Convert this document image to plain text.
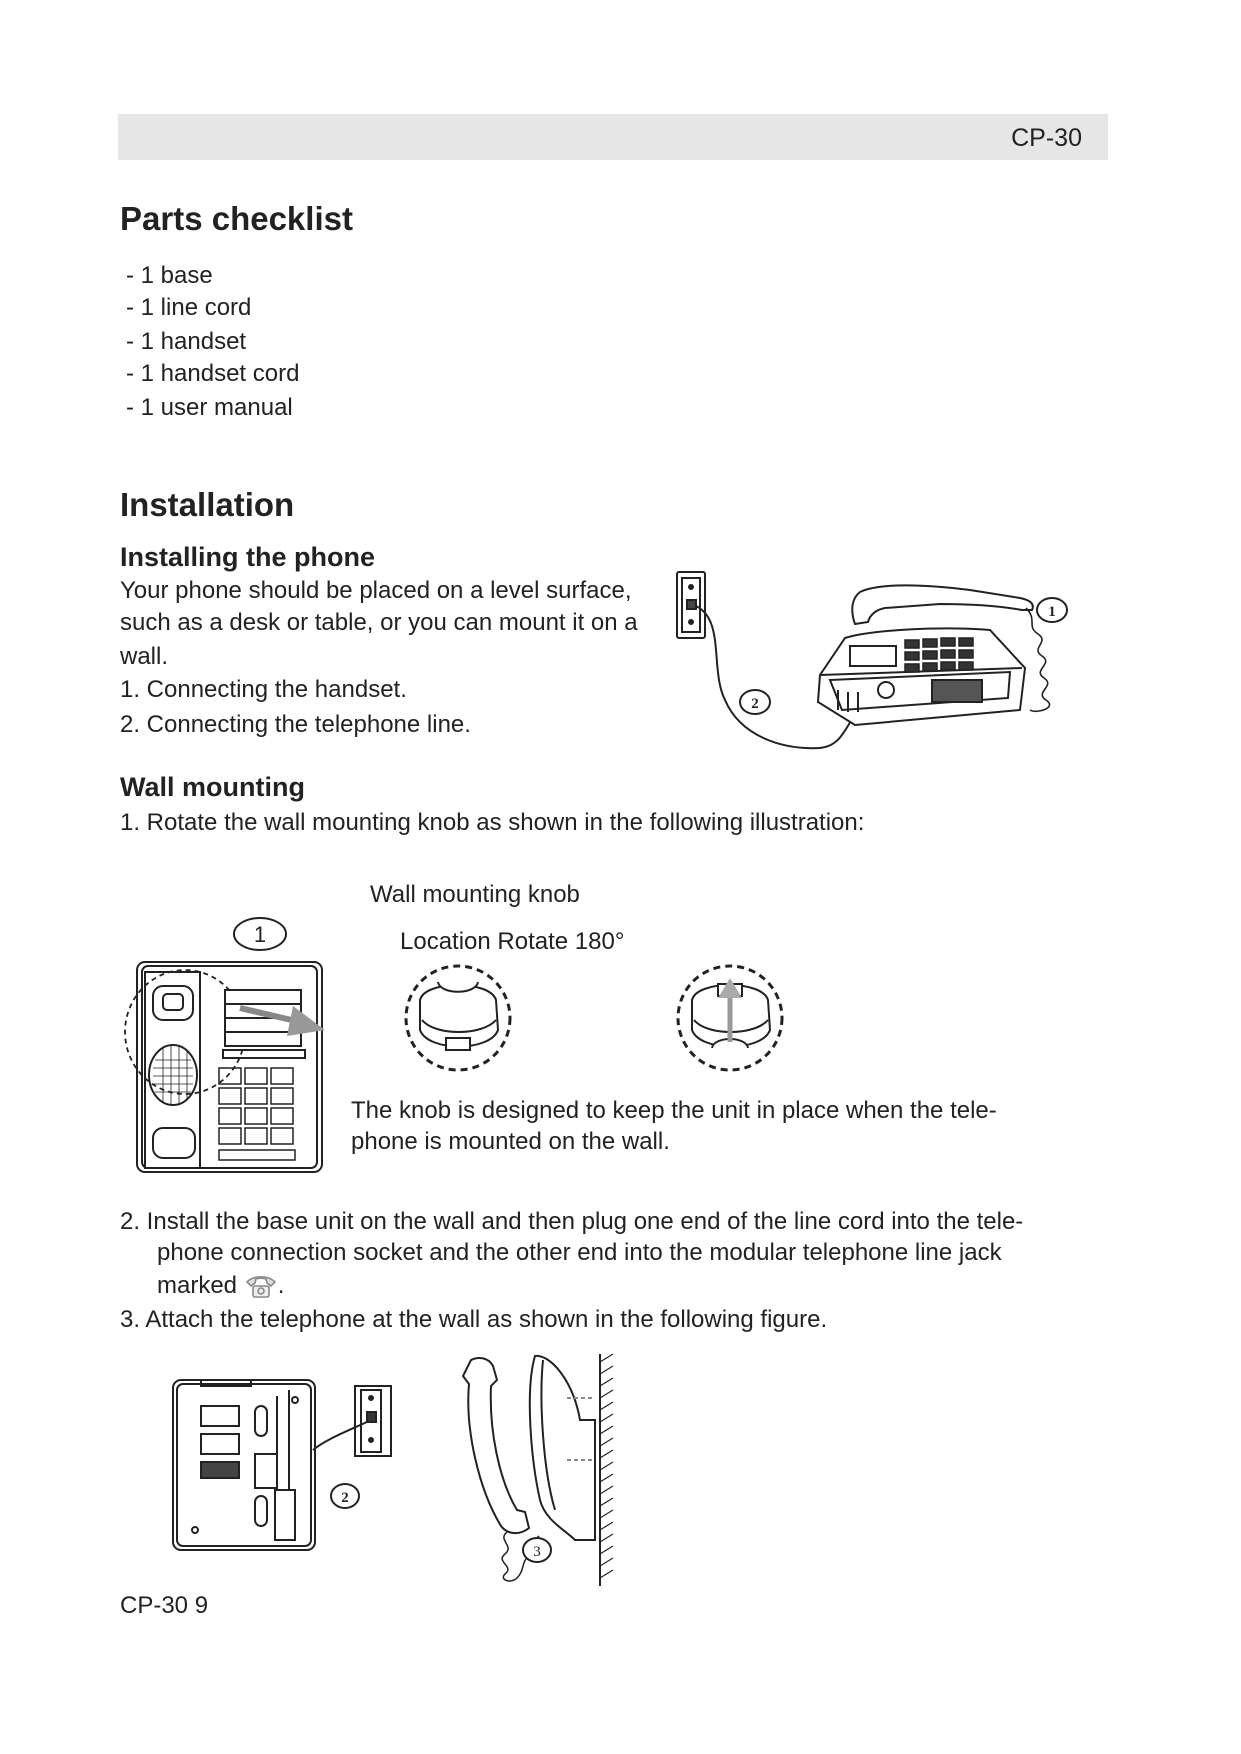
CP-30
Parts checklist
- 1 base
- 1 line cord
- 1 handset
- 1 handset cord
- 1 user manual
Installation
Installing the phone
Your phone should be placed on a level surface,
such as a desk or table, or you can mount it on a
wall.
1. Connecting the handset.
2. Connecting the telephone line.
2
1
Wall mounting
1. Rotate the wall mounting knob as shown in the following illustration:
Wall mounting knob
Location Rotate 180°
1
The knob is designed to keep the unit in place when the tele-
phone is mounted on the wall.
2. Install the base unit on the wall and then plug one end of the line cord into the tele-
phone connection socket and the other end into the modular telephone line jack
marked .
3. Attach the telephone at the wall as shown in the following figure.
2
3
CP-30 9
